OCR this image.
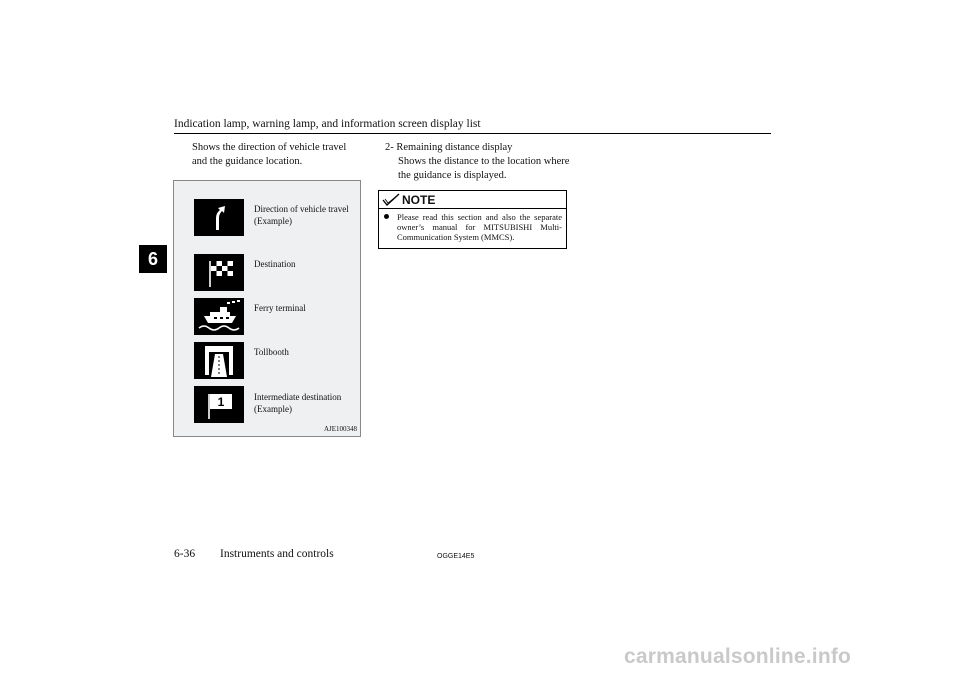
Indication lamp, warning lamp, and information screen display list
6
Shows the direction of vehicle travel and the guidance location.
Direction of vehicle travel (Example)
Destination
Ferry terminal
Tollbooth
1	Intermediate destination (Example)
AJE100348
2- Remaining distance display
Shows the distance to the location where the guidance is displayed.
NOTE
Please read this section and also the separate owner’s manual for MITSUBISHI Multi-Communication System (MMCS).
6-36 Instruments and controls	OGGE14E5
carmanualsonline.info
